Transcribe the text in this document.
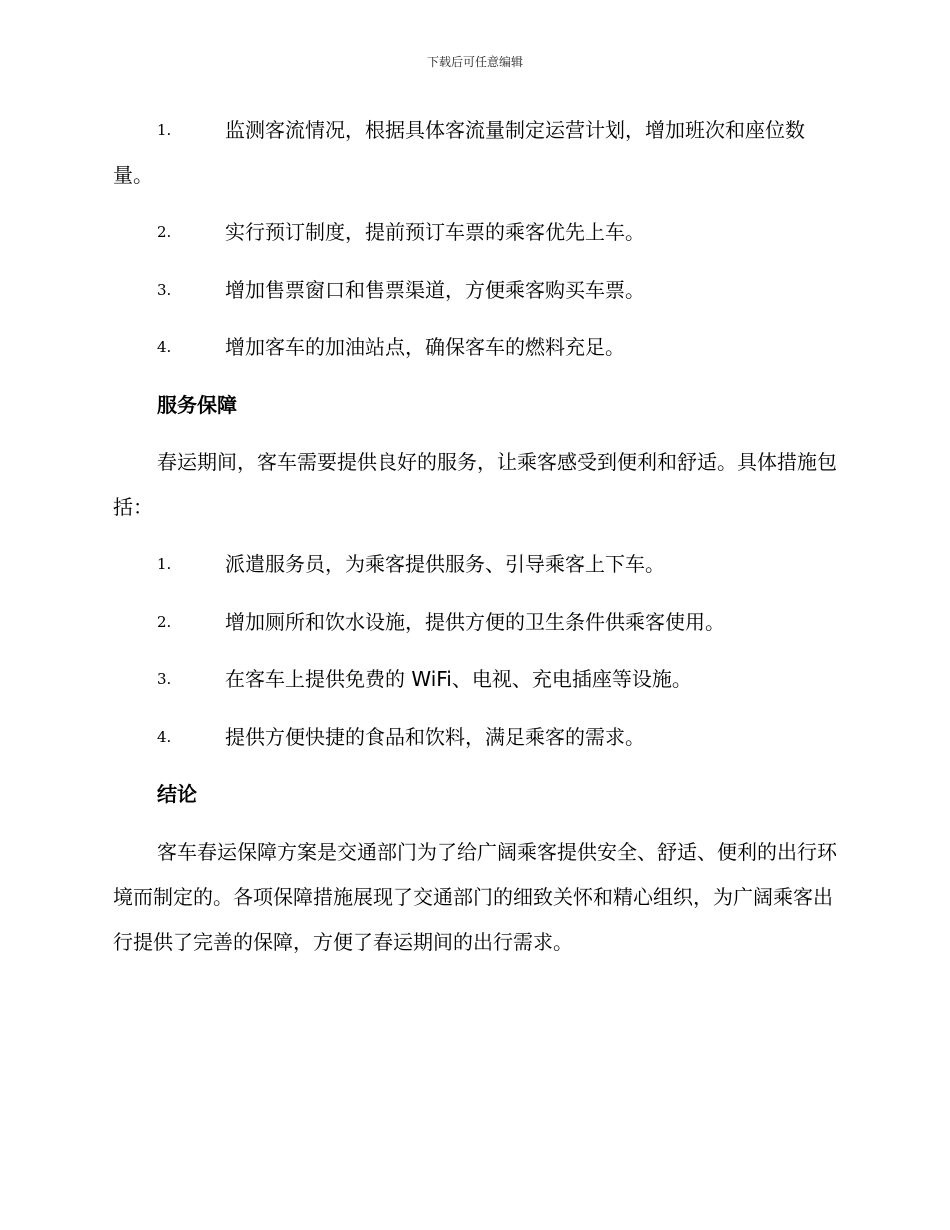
下载后可任意编辑
1.	监测客流情况，根据具体客流量制定运营计划，增加班次和座位数量。
2.	实行预订制度，提前预订车票的乘客优先上车。
3.	增加售票窗口和售票渠道，方便乘客购买车票。
4.	增加客车的加油站点，确保客车的燃料充足。
服务保障
春运期间，客车需要提供良好的服务，让乘客感受到便利和舒适。具体措施包括：
1.	派遣服务员，为乘客提供服务、引导乘客上下车。
2.	增加厕所和饮水设施，提供方便的卫生条件供乘客使用。
3.	在客车上提供免费的 WiFi、电视、充电插座等设施。
4.	提供方便快捷的食品和饮料，满足乘客的需求。
结论
客车春运保障方案是交通部门为了给广阔乘客提供安全、舒适、便利的出行环境而制定的。各项保障措施展现了交通部门的细致关怀和精心组织，为广阔乘客出行提供了完善的保障，方便了春运期间的出行需求。
